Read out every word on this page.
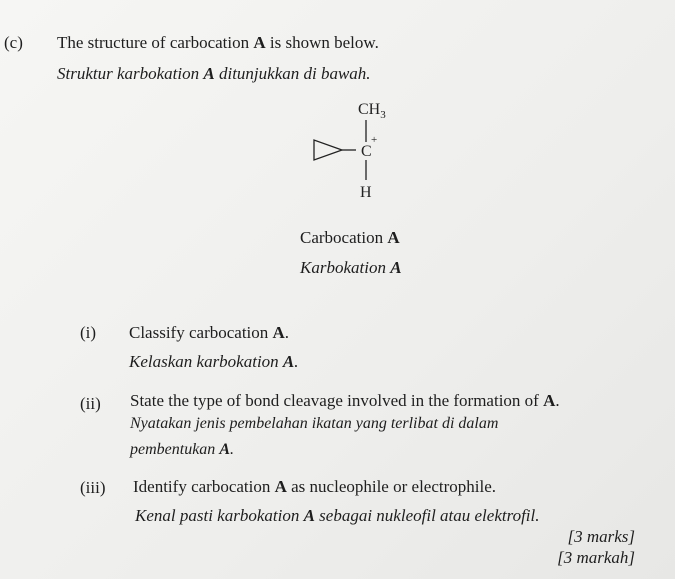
(c) The structure of carbocation A is shown below.
Struktur karbokation A ditunjukkan di bawah.
$CH_3$
C
+
H
Carbocation A
Karbokation A
(i) Classify carbocation A.
Kelaskan karbokation A.
(ii) State the type of bond cleavage involved in the formation of A.
Nyatakan jenis pembelahan ikatan yang terlibat di dalam
pembentukan A.
(iii) Identify carbocation A as nucleophile or electrophile.
Kenal pasti karbokation A sebagai nukleofil atau elektrofil.
[3 marks]
[3 markah]
